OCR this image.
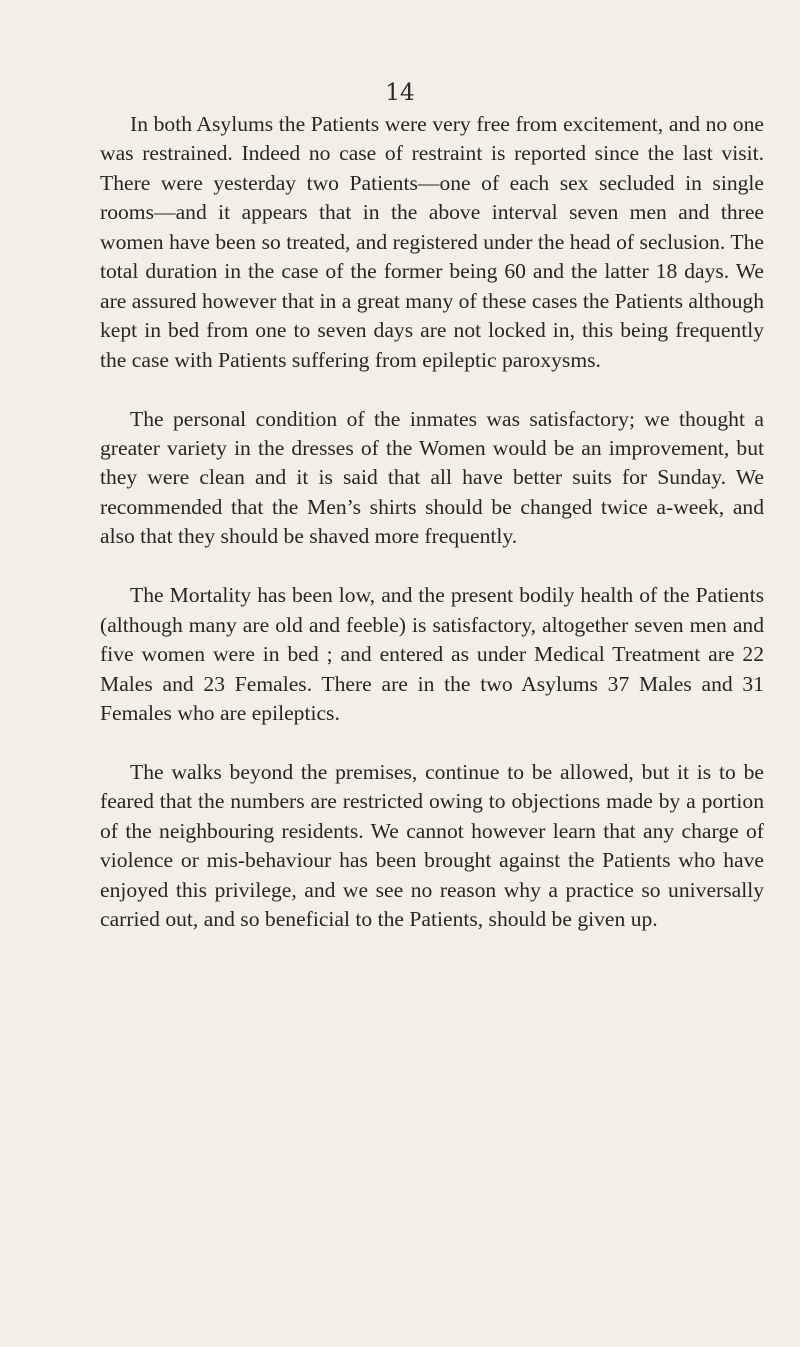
14

In both Asylums the Patients were very free from excitement, and no one was restrained. Indeed no case of restraint is reported since the last visit. There were yesterday two Patients—one of each sex secluded in single rooms—and it appears that in the above interval seven men and three women have been so treated, and registered under the head of seclusion. The total duration in the case of the former being 60 and the latter 18 days. We are assured however that in a great many of these cases the Patients although kept in bed from one to seven days are not locked in, this being frequently the case with Patients suffering from epileptic paroxysms.

The personal condition of the inmates was satisfactory; we thought a greater variety in the dresses of the Women would be an improvement, but they were clean and it is said that all have better suits for Sunday. We recommended that the Men’s shirts should be changed twice a-week, and also that they should be shaved more frequently.

The Mortality has been low, and the present bodily health of the Patients (although many are old and feeble) is satisfactory, altogether seven men and five women were in bed ; and entered as under Medical Treatment are 22 Males and 23 Females. There are in the two Asylums 37 Males and 31 Females who are epileptics.

The walks beyond the premises, continue to be allowed, but it is to be feared that the numbers are restricted owing to objections made by a portion of the neighbouring residents. We cannot however learn that any charge of violence or mis-behaviour has been brought against the Patients who have enjoyed this privilege, and we see no reason why a practice so universally carried out, and so beneficial to the Patients, should be given up.
